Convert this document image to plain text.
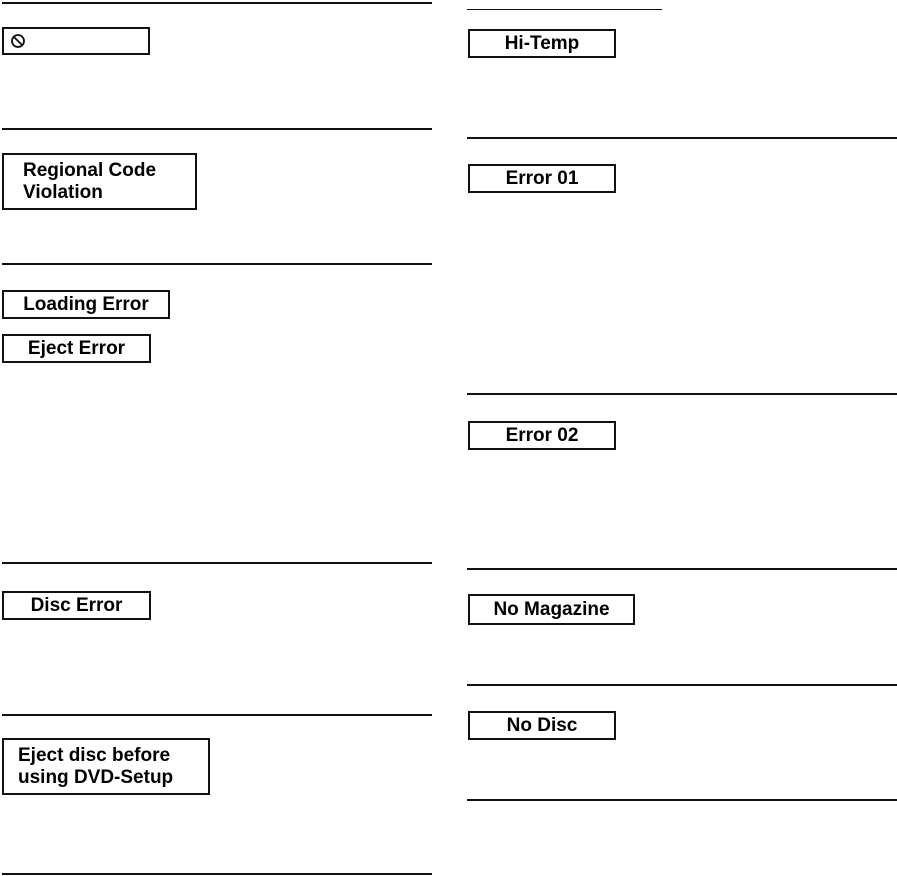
Regional Code
Violation
Loading Error
Eject Error
Disc Error
Eject disc before
using DVD-Setup
Hi-Temp
Error 01
Error 02
No Magazine
No Disc
